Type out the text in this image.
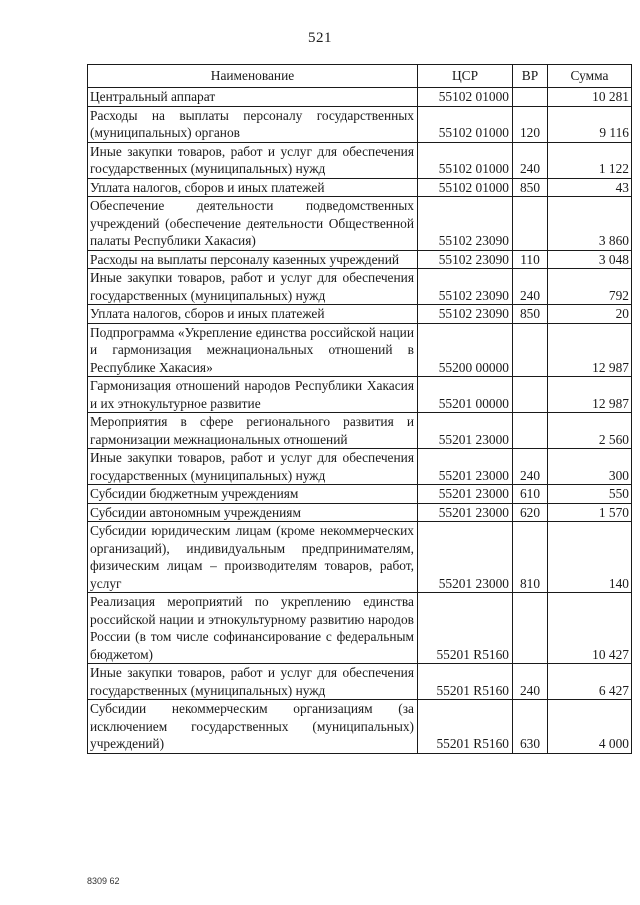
521
Наименование	ЦСР	ВР	Сумма
Центральный аппарат	55102 01000		10 281
Расходы на выплаты персоналу государственных (муниципальных) органов	55102 01000	120	9 116
Иные закупки товаров, работ и услуг для обеспечения государственных (муниципальных) нужд	55102 01000	240	1 122
Уплата налогов, сборов и иных платежей	55102 01000	850	43
Обеспечение деятельности подведомственных учреждений (обеспечение деятельности Общественной палаты Республики Хакасия)	55102 23090		3 860
Расходы на выплаты персоналу казенных учреждений	55102 23090	110	3 048
Иные закупки товаров, работ и услуг для обеспечения государственных (муниципальных) нужд	55102 23090	240	792
Уплата налогов, сборов и иных платежей	55102 23090	850	20
Подпрограмма «Укрепление единства российской нации и гармонизация межнациональных отношений в Республике Хакасия»	55200 00000		12 987
Гармонизация отношений народов Республики Хакасия и их этнокультурное развитие	55201 00000		12 987
Мероприятия в сфере регионального развития и гармонизации межнациональных отношений	55201 23000		2 560
Иные закупки товаров, работ и услуг для обеспечения государственных (муниципальных) нужд	55201 23000	240	300
Субсидии бюджетным учреждениям	55201 23000	610	550
Субсидии автономным учреждениям	55201 23000	620	1 570
Субсидии юридическим лицам (кроме некоммерческих организаций), индивидуальным предпринимателям, физическим лицам – производителям товаров, работ, услуг	55201 23000	810	140
Реализация мероприятий по укреплению единства российской нации и этнокультурному развитию народов России (в том числе софинансирование с федеральным бюджетом)	55201 R5160		10 427
Иные закупки товаров, работ и услуг для обеспечения государственных (муниципальных) нужд	55201 R5160	240	6 427
Субсидии некоммерческим организациям (за исключением государственных (муниципальных) учреждений)	55201 R5160	630	4 000
8309 62
